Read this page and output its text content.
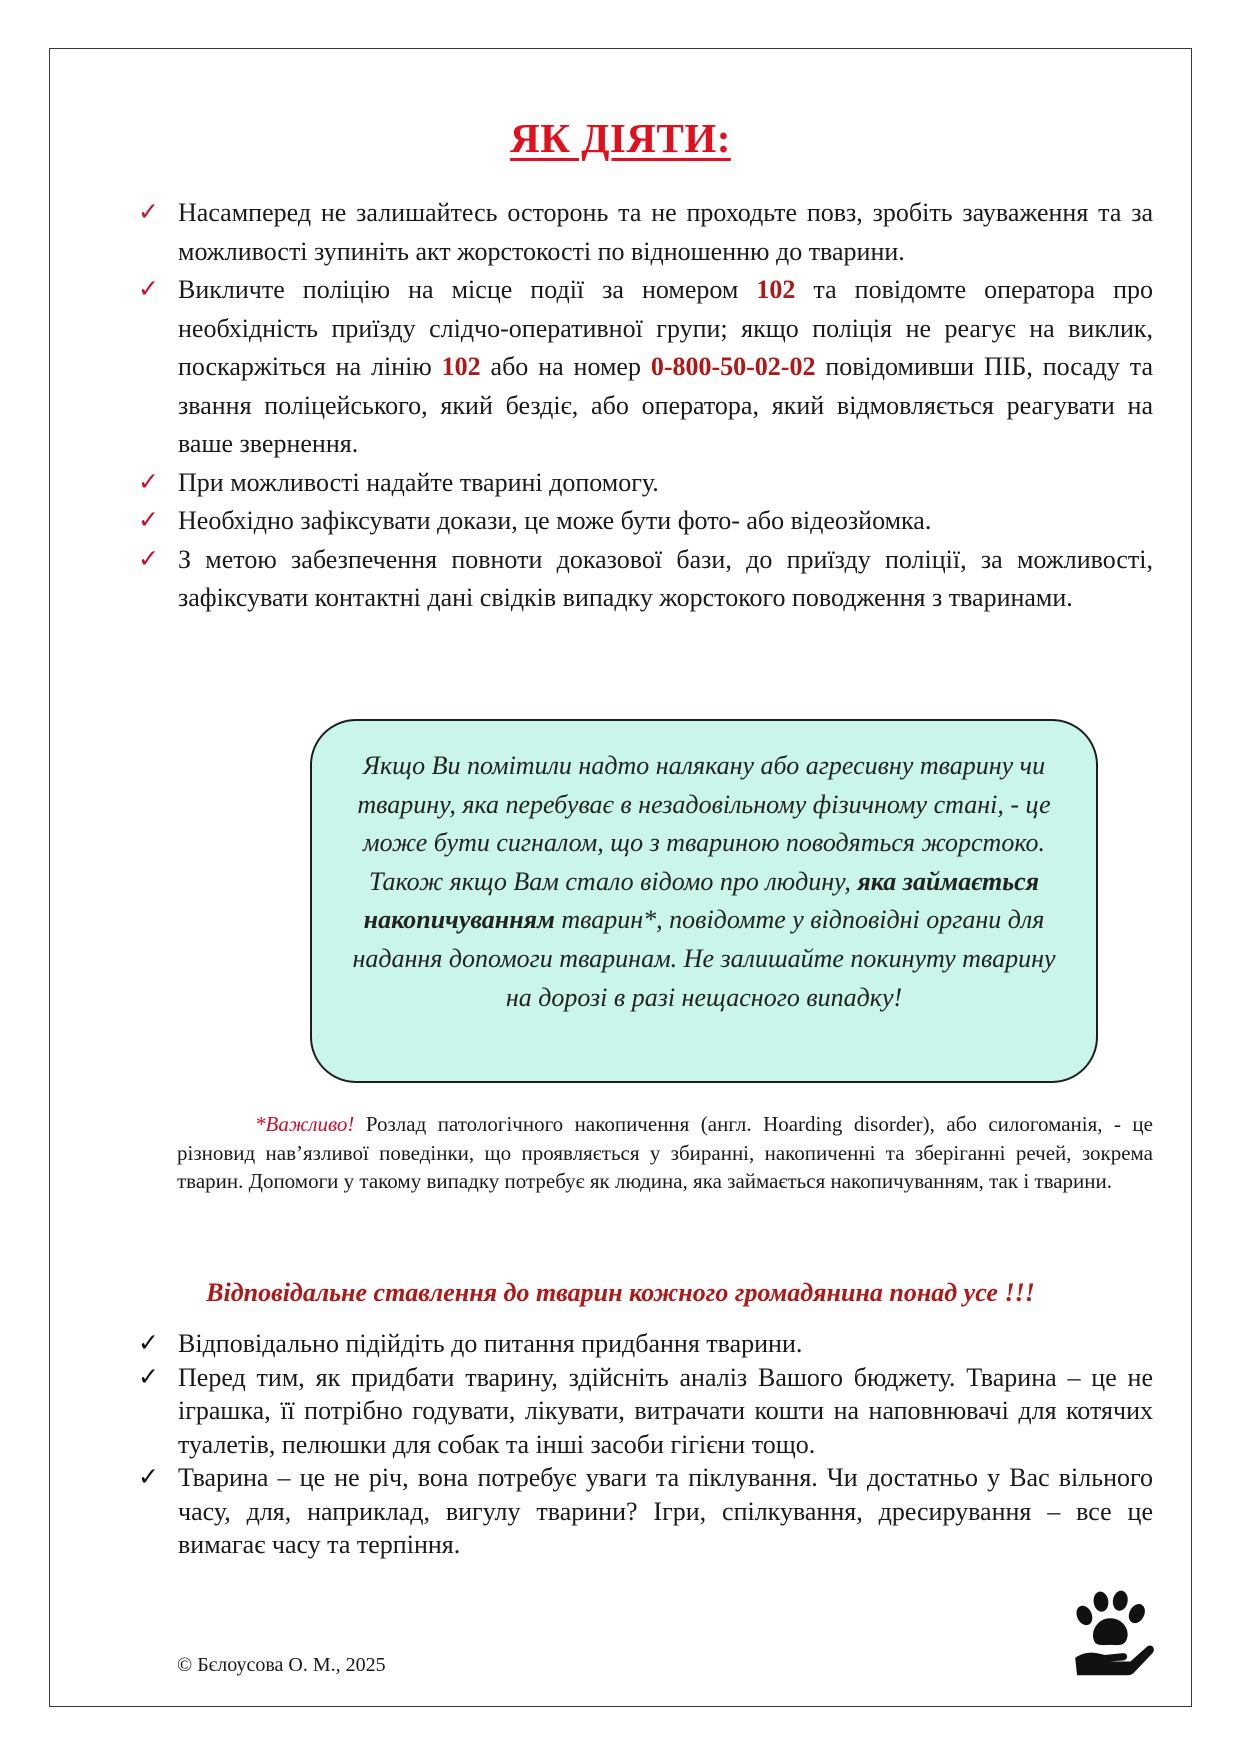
ЯК ДІЯТИ:
✓ Насамперед не залишайтесь осторонь та не проходьте повз, зробіть зауваження та за можливості зупиніть акт жорстокості по відношенню до тварини.
✓ Викличте поліцію на місце події за номером 102 та повідомте оператора про необхідність приїзду слідчо-оперативної групи; якщо поліція не реагує на виклик, поскаржіться на лінію 102 або на номер 0-800-50-02-02 повідомивши ПІБ, посаду та звання поліцейського, який бездіє, або оператора, який відмовляється реагувати на ваше звернення.
✓ При можливості надайте тварині допомогу.
✓ Необхідно зафіксувати докази, це може бути фото- або відеозйомка.
✓ З метою забезпечення повноти доказової бази, до приїзду поліції, за можливості, зафіксувати контактні дані свідків випадку жорстокого поводження з тваринами.
Якщо Ви помітили надто налякану або агресивну тварину чи тварину, яка перебуває в незадовільному фізичному стані, - це може бути сигналом, що з твариною поводяться жорстоко. Також якщо Вам стало відомо про людину, яка займається накопичуванням тварин*, повідомте у відповідні органи для надання допомоги тваринам. Не залишайте покинуту тварину на дорозі в разі нещасного випадку!
*Важливо! Розлад патологічного накопичення (англ. Hoarding disorder), або силогоманія, - це різновид нав’язливої поведінки, що проявляється у збиранні, накопиченні та зберіганні речей, зокрема тварин. Допомоги у такому випадку потребує як людина, яка займається накопичуванням, так і тварини.
Відповідальне ставлення до тварин кожного громадянина понад усе !!!
✓ Відповідально підійдіть до питання придбання тварини.
✓ Перед тим, як придбати тварину, здійсніть аналіз Вашого бюджету. Тварина – це не іграшка, її потрібно годувати, лікувати, витрачати кошти на наповнювачі для котячих туалетів, пелюшки для собак та інші засоби гігієни тощо.
✓ Тварина – це не річ, вона потребує уваги та піклування. Чи достатньо у Вас вільного часу, для, наприклад, вигулу тварини? Ігри, спілкування, дресирування – все це вимагає часу та терпіння.
© Бєлоусова О. М., 2025
